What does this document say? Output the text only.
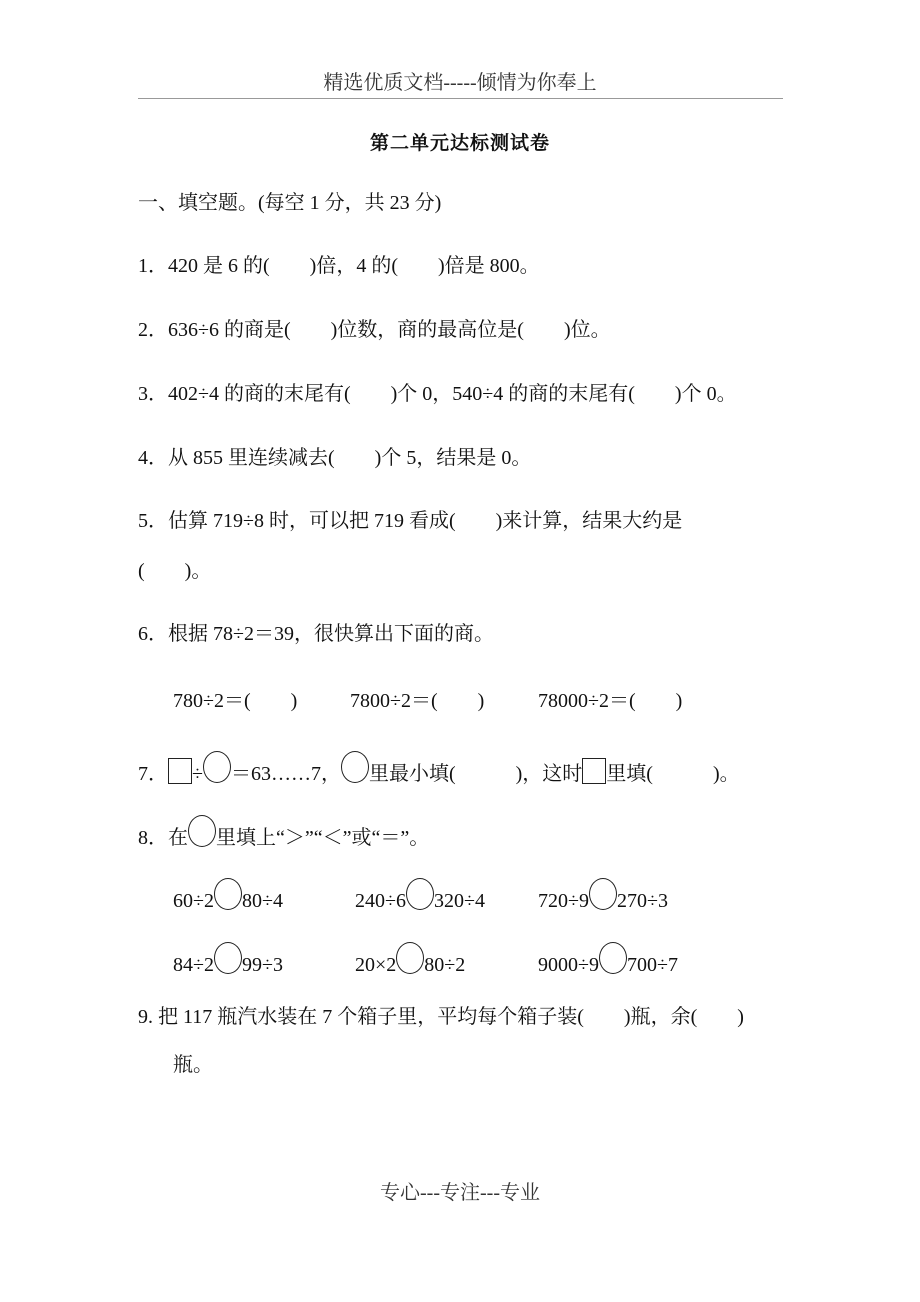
精选优质文档-----倾情为你奉上
第二单元达标测试卷
一、填空题。(每空 1 分，共 23 分)
1．420 是 6 的(　　)倍，4 的(　　)倍是 800。
2．636÷6 的商是(　　)位数，商的最高位是(　　)位。
3．402÷4 的商的末尾有(　　)个 0，540÷4 的商的末尾有(　　)个 0。
4．从 855 里连续减去(　　)个 5，结果是 0。
5．估算 719÷8 时，可以把 719 看成(　　)来计算，结果大约是
(　　)。
6．根据 78÷2＝39，很快算出下面的商。
780÷2＝(　　)	7800÷2＝(　　)	78000÷2＝(　　)
7． ÷ ＝63……7， 里最小填(　　　)，这时 里填(　　　)。
8．在 里填上“＞”“＜”或“＝”。
60÷2 80÷4	240÷6 320÷4	720÷9 270÷3
84÷2 99÷3	20×2 80÷2	9000÷9 700÷7
9. 把 117 瓶汽水装在 7 个箱子里，平均每个箱子装(　　)瓶，余(　　)
瓶。
专心---专注---专业
